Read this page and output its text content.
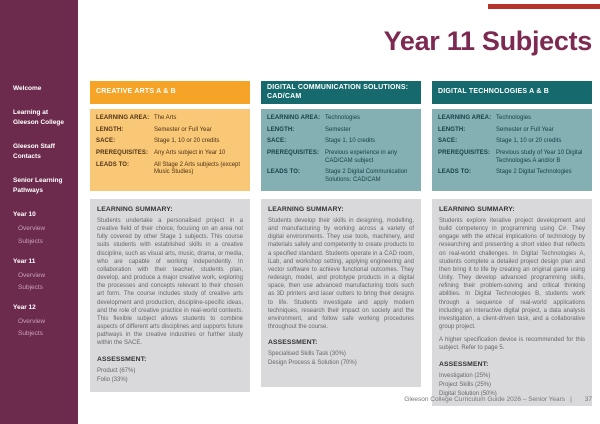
Welcome
Learning at Gleeson College
Gleeson Staff Contacts
Senior Learning Pathways
Year 10
Overview
Subjects
Year 11
Overview
Subjects
Year 12
Overview
Subjects
Year 11 Subjects
CREATIVE ARTS A & B
LEARNING AREA: The Arts
LENGTH:	Semester or Full Year
SACE:	Stage 1, 10 or 20 credits
PREREQUISITES: Any Arts subject in Year 10
LEADS TO:	All Stage 2 Arts subjects (except Music Studies)
LEARNING SUMMARY:

Students undertake a personalised project in a creative field of their choice, focusing on an area not fully covered by other Stage 1 subjects. This course suits students with established skills in a creative discipline, such as visual arts, music, drama, or media, who are capable of working independently. In collaboration with their teacher, students plan, develop, and produce a major creative work, exploring the processes and concepts relevant to their chosen art form. The course includes study of creative arts development and production, discipline-specific ideas, and the role of creative practice in real-world contexts. This flexible subject allows students to combine aspects of different arts disciplines and supports future pathways in the creative industries or further study within the SACE.

ASSESSMENT:
Product (67%)
Folio (33%)
DIGITAL COMMUNICATION SOLUTIONS: CAD/CAM
LEARNING AREA: Technologies
LENGTH:	Semester
SACE:	Stage 1, 10 credits
PREREQUISITES: Previous experience in any CAD/CAM subject
LEADS TO:	Stage 2 Digital Communication Solutions: CAD/CAM
LEARNING SUMMARY:

Students develop their skills in designing, modelling, and manufacturing by working across a variety of digital environments. They use tools, machinery, and materials safely and competently to create products to a specified standard. Students operate in a CAD room, iLab, and workshop setting, applying engineering and vector software to achieve functional outcomes. They redesign, model, and prototype products in a digital space, then use advanced manufacturing tools such as 3D printers and laser cutters to bring their designs to life. Students investigate and apply modern techniques, research their impact on society and the environment, and follow safe working procedures throughout the course.

ASSESSMENT:
Specialised Skills Task (30%)
Design Process & Solution (70%)
DIGITAL TECHNOLOGIES A & B
LEARNING AREA: Technologies
LENGTH:	Semester or Full Year
SACE:	Stage 1, 10 or 20 credits
PREREQUISITES: Previous study of Year 10 Digital Technologies A and/or B
LEADS TO:	Stage 2 Digital Technologies
LEARNING SUMMARY:

Students explore iterative project development and build competency in programming using C#. They engage with the ethical implications of technology by researching and presenting a short video that reflects on real-world challenges. In Digital Technologies A, students complete a detailed project design plan and then bring it to life by creating an original game using Unity. They develop advanced programming skills, refining their problem-solving and critical thinking abilities. In Digital Technologies B, students work through a sequence of real-world applications including an interactive digital project, a data analysis investigation, a client-driven task, and a collaborative group project.

A higher specification device is recommended for this subject. Refer to page 5.

ASSESSMENT:
Investigation (25%)
Project Skills (25%)
Digital Solution (50%)
Gleeson College Curriculum Guide 2026 – Senior Years | 37
